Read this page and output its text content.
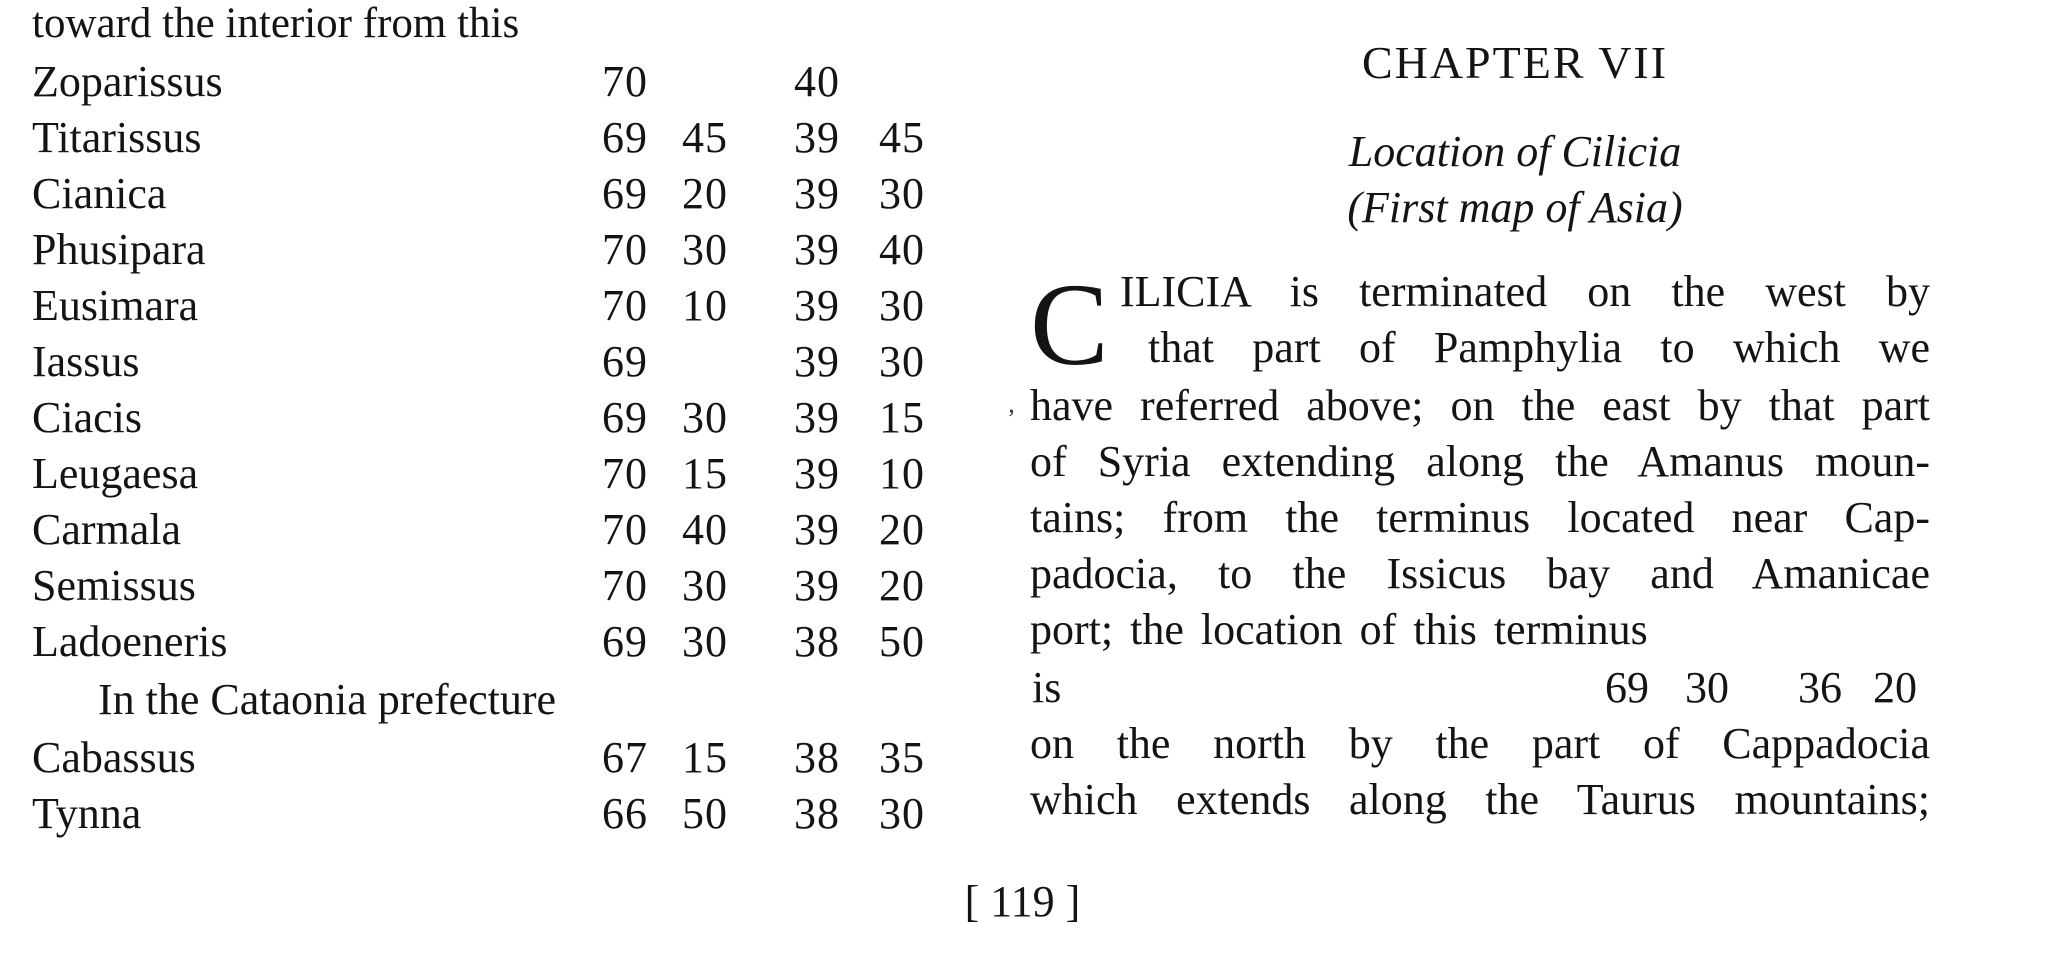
toward the interior from this
Zoparissus	70	40
Titarissus	69 45 39 45
Cianica	69 20 39 30
Phusipara	70 30 39 40
Eusimara	70 10 39 30
Iassus	69	39 30
Ciacis	69 30 39 15
Leugaesa	70 15 39 10
Carmala	70 40 39 20
Semissus	70 30 39 20
Ladoeneris	69 30 38 50
In the Cataonia prefecture
Cabassus	67 15 38 35
Tynna	66 50 38 30
CHAPTER VII
Location of Cilicia
(First map of Asia)
C ILICIA is terminated on the west by
that part of Pamphylia to which we
have referred above; on the east by that part
of Syria extending along the Amanus moun-
tains; from the terminus located near Cap-
padocia, to the Issicus bay and Amanicae
port; the location of this terminus
is	69 30 36 20
on the north by the part of Cappadocia
which extends along the Taurus mountains;
ʼ
[ 119 ]
